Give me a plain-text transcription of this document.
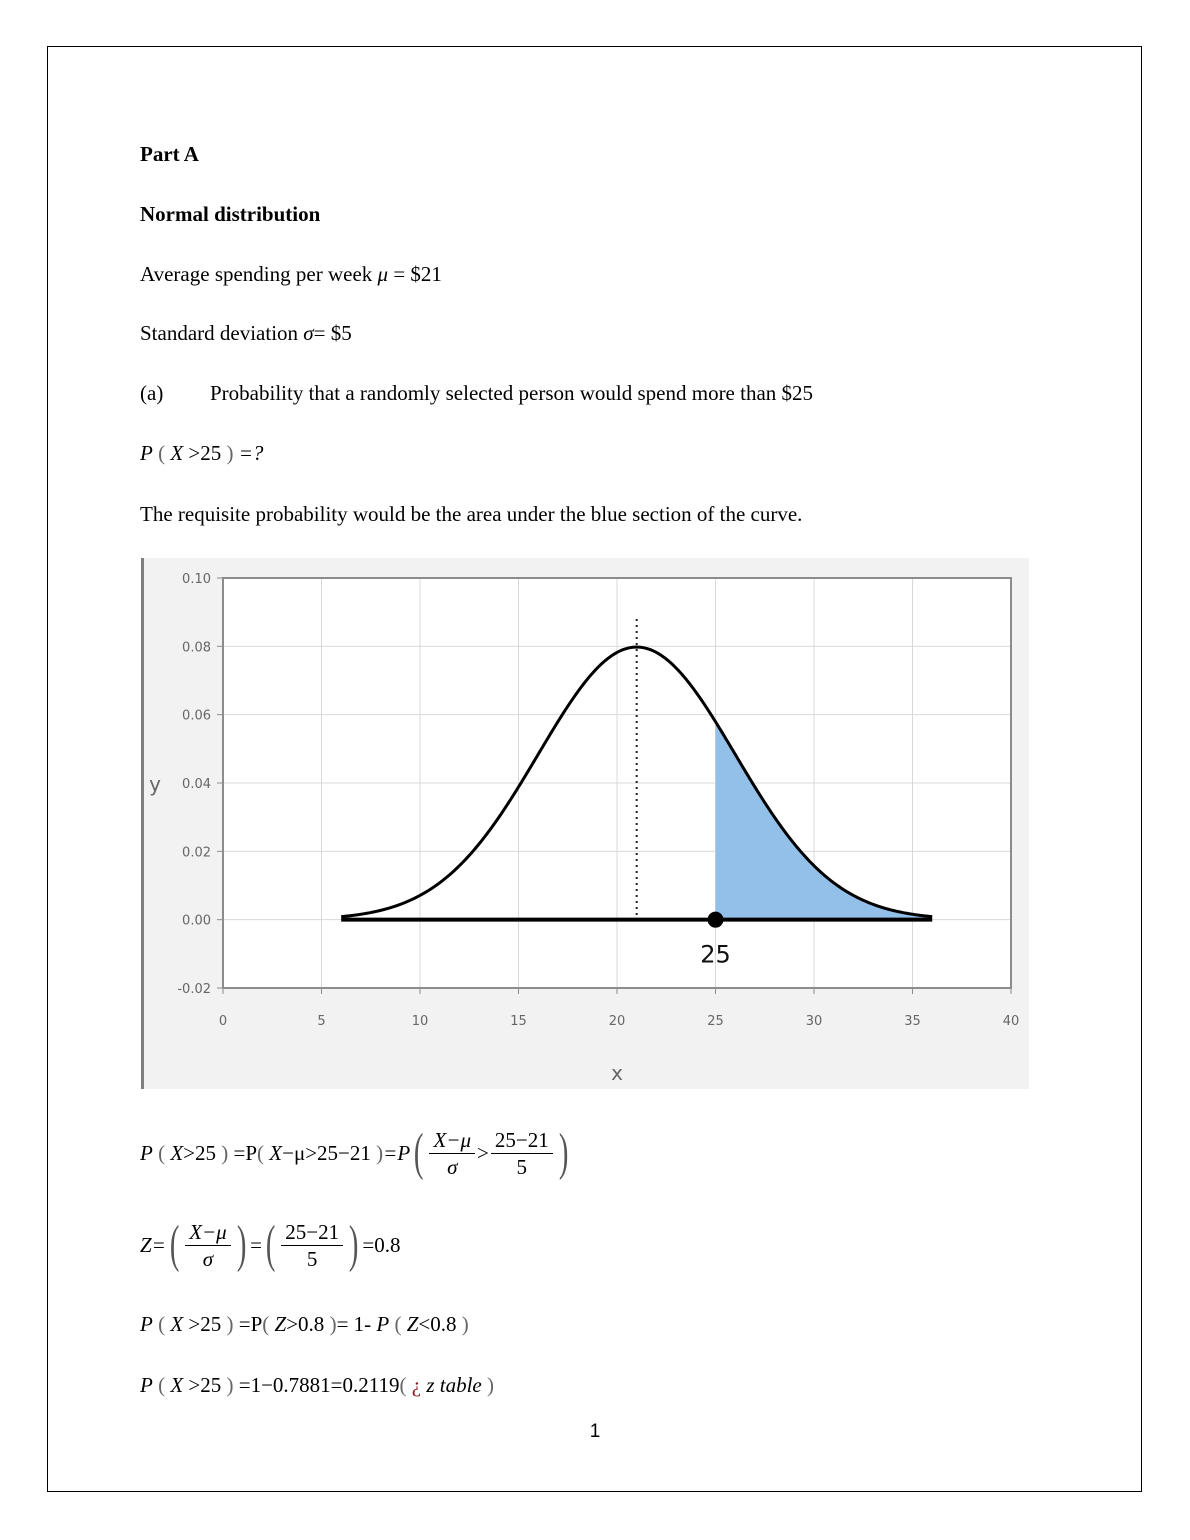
Part A
Normal distribution
Average spending per week μ = $21
Standard deviation σ= $5
(a) Probability that a randomly selected person would spend more than $25
P ( X >25 ) =?
The requisite probability would be the area under the blue section of the curve.
0	5	10	15	20	25	30	35	40
0.10
0.08
0.06
0.04
0.02
0.00
-0.02
x
y
25
P ( X >25 ) =P ( X −μ>25−21 ) =P ( $\frac{X-\mu}{\sigma} > \frac{25-21}{5}$ )
Z= ( $\frac{X-\mu}{\sigma}$ ) = ( $\frac{25-21}{5}$ ) =0.8
P ( X >25 ) =P( Z>0.8 )= 1- P ( Z<0.8 )
P ( X >25 ) =1−0.7881=0.2119( ¿ z table )
1
